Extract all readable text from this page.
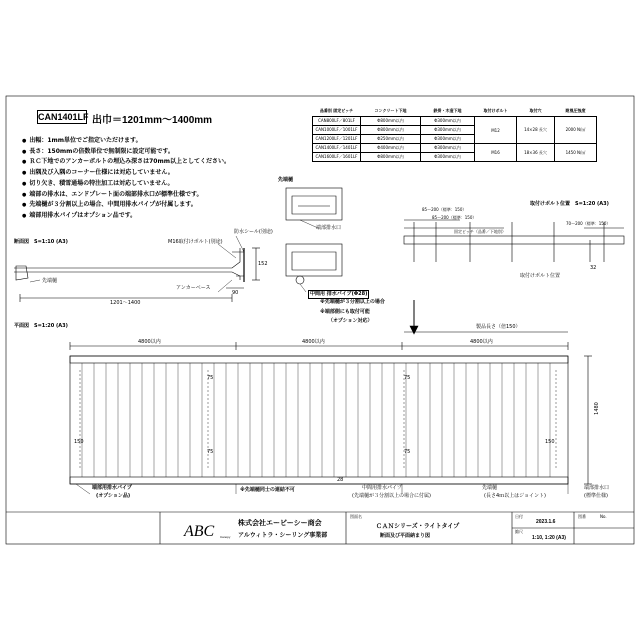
CAN1401LF 出巾＝1201mm～1400mm
● 出幅：1mm単位でご指定いただけます。
● 長さ：150mmの倍数単位で無制限に設定可能です。
● ＲＣ下地でのアンカーボルトの埋込み深さは70mm以上としてください。
● 出隅及び入隅のコーナー仕様には対応していません。
● 切り欠き、積雪通場の特注加工は対応していません。
● 端部の排水は、エンドプレート面の端部排水口が標準仕様です。
● 先端樋が３分割以上の場合、中間用排水パイプが付属します。
● 端部用排水パイプはオプション品です。
品番別 固定ピッチ	コンクリート下地	鉄骨・木造下地	取付けボルト	取付穴	耐風圧強度
CAN800LF／801LF	Φ800mm以内	Φ300mm以内	M12	14×28 長穴	2000 N/㎡
CAN1000LF／1001LF	Φ800mm以内	Φ300mm以内			
CAN1200LF／1201LF	Φ250mm以内	Φ300mm以内			
CAN1400LF／1401LF	Φ400mm以内	Φ300mm以内	M16	18×36 長穴	1450 N/㎡
CAN1600LF／1601LF	Φ800mm以内	Φ300mm以内			
ABC Canopy
断面図　S=1:10 (A3)
防水シール(別途)
M16取付けボルト(別途)
アンカーベース
先端樋
1201～1400
152
90
先端樋
端部排水口
中間用 排水パイプ(Φ28)
※先端樋が３分割以上の場合
※端部側にも取付可能
（オプション対応）
取付けボルト位置　S=1:20 (A3)
85～200（標準：150）
85～200（標準：150）
70～200（標準：150）
固定ピッチ（品番／下地別）
取付けボルト位置
32
平面図　S=1:20 (A3)
4800以内	4800以内	4800以内
製品長さ（倍150）
75	75
75	75
150	150
1480
28
端部用排水パイプ
(オプション品)
※先端樋同士の連結不可	中間用排水パイプ
(先端樋が３分割以上の場合に付属)
先端樋
(長さ4ｍ以上はジョイント)
端部排水口
(標準仕様)
株式会社エービーシー商会
アルウィトラ・シーリング事業部
図面名
ＣＡＮシリーズ・ライトタイプ
断面及び平面納まり図
日付
2023.1.6
縮尺
1:10, 1:20 (A3)
図番	No.
